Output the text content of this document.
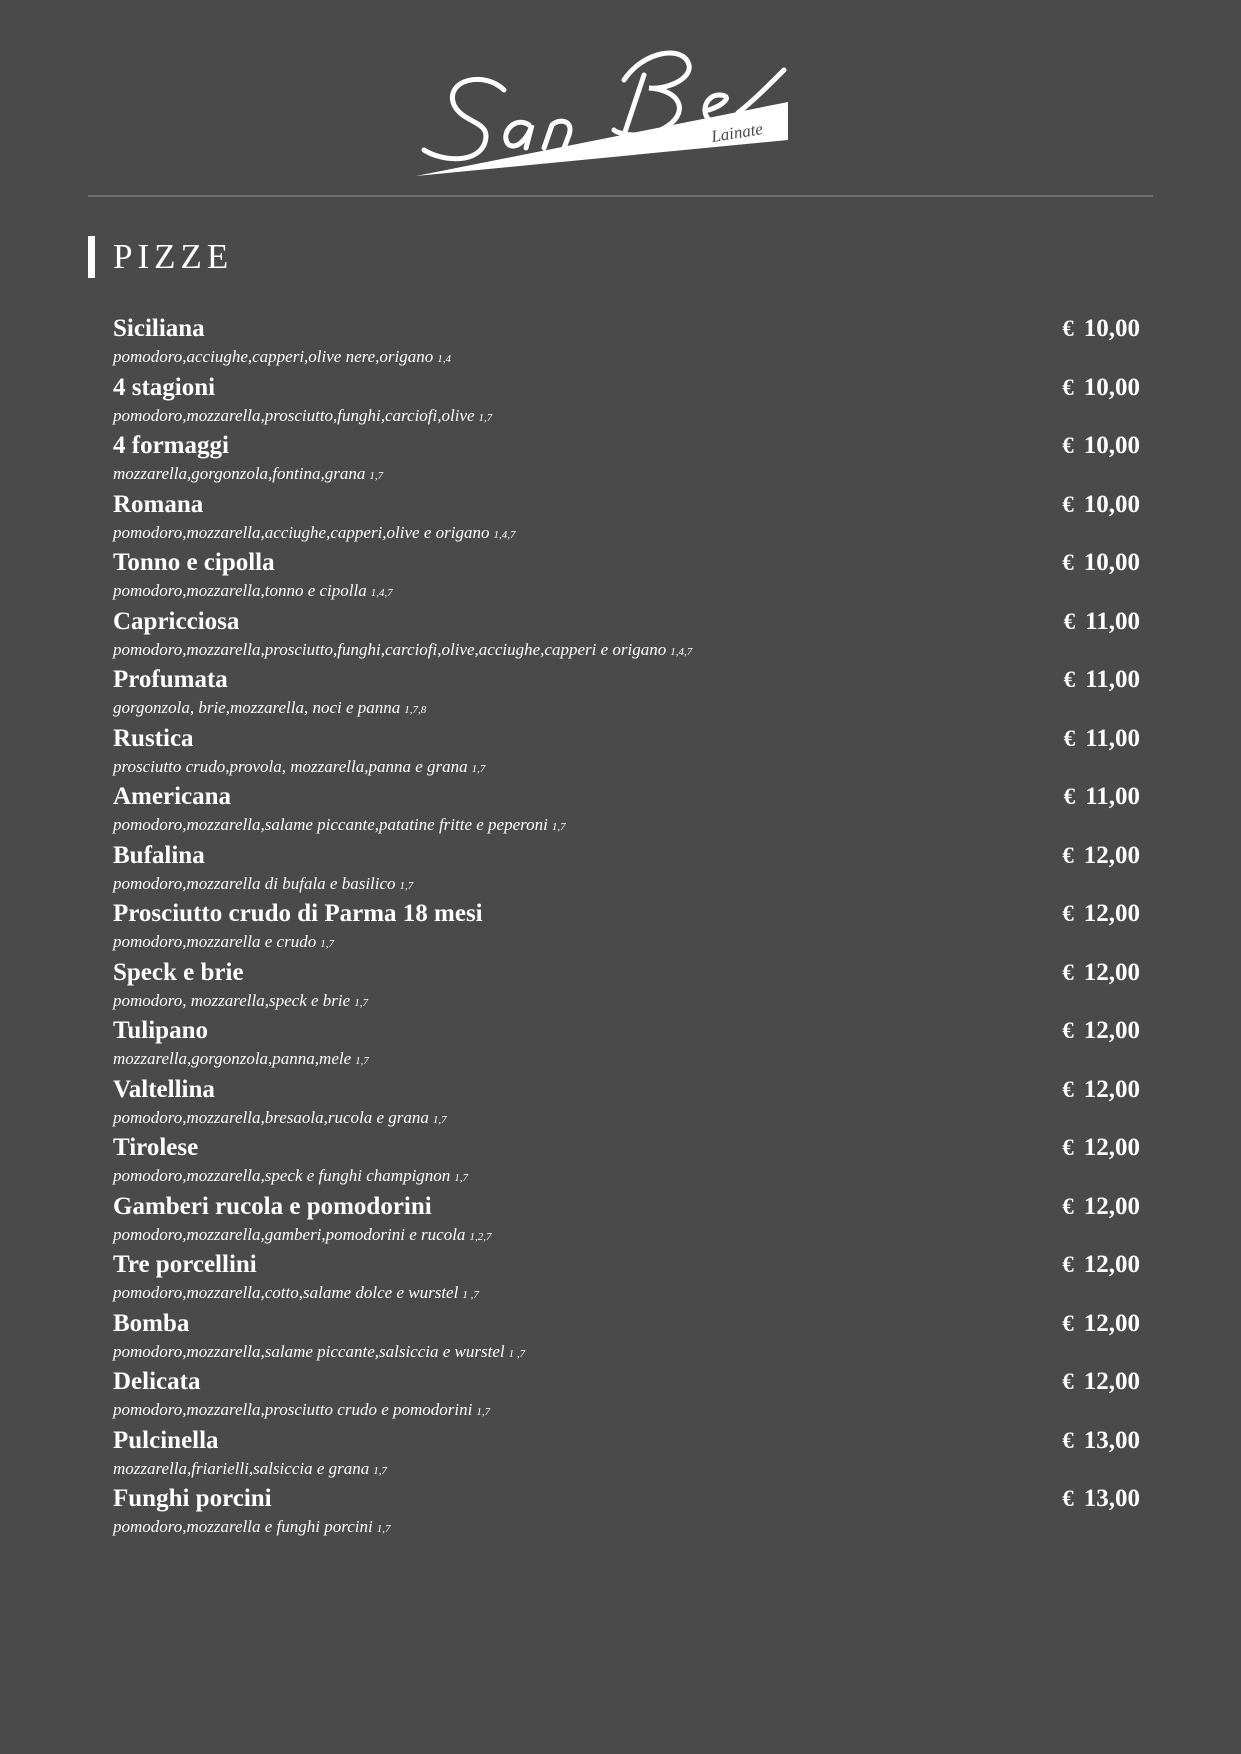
Lainate
PIZZE
Siciliana
pomodoro,acciughe,capperi,olive nere,origano 1,4
€ 10,00
4 stagioni
pomodoro,mozzarella,prosciutto,funghi,carciofi,olive 1,7
€ 10,00
4 formaggi
mozzarella,gorgonzola,fontina,grana 1,7
€ 10,00
Romana
pomodoro,mozzarella,acciughe,capperi,olive e origano 1,4,7
€ 10,00
Tonno e cipolla
pomodoro,mozzarella,tonno e cipolla 1,4,7
€ 10,00
Capricciosa
pomodoro,mozzarella,prosciutto,funghi,carciofi,olive,acciughe,capperi e origano 1,4,7
€ 11,00
Profumata
gorgonzola, brie,mozzarella, noci e panna 1,7,8
€ 11,00
Rustica
prosciutto crudo,provola, mozzarella,panna e grana 1,7
€ 11,00
Americana
pomodoro,mozzarella,salame piccante,patatine fritte e peperoni 1,7
€ 11,00
Bufalina
pomodoro,mozzarella di bufala e basilico 1,7
€ 12,00
Prosciutto crudo di Parma 18 mesi
pomodoro,mozzarella e crudo 1,7
€ 12,00
Speck e brie
pomodoro, mozzarella,speck e brie 1,7
€ 12,00
Tulipano
mozzarella,gorgonzola,panna,mele 1,7
€ 12,00
Valtellina
pomodoro,mozzarella,bresaola,rucola e grana 1,7
€ 12,00
Tirolese
pomodoro,mozzarella,speck e funghi champignon 1,7
€ 12,00
Gamberi rucola e pomodorini
pomodoro,mozzarella,gamberi,pomodorini e rucola 1,2,7
€ 12,00
Tre porcellini
pomodoro,mozzarella,cotto,salame dolce e wurstel 1 ,7
€ 12,00
Bomba
pomodoro,mozzarella,salame piccante,salsiccia e wurstel 1 ,7
€ 12,00
Delicata
pomodoro,mozzarella,prosciutto crudo e pomodorini 1,7
€ 12,00
Pulcinella
mozzarella,friarielli,salsiccia e grana 1,7
€ 13,00
Funghi porcini
pomodoro,mozzarella e funghi porcini 1,7
€ 13,00
